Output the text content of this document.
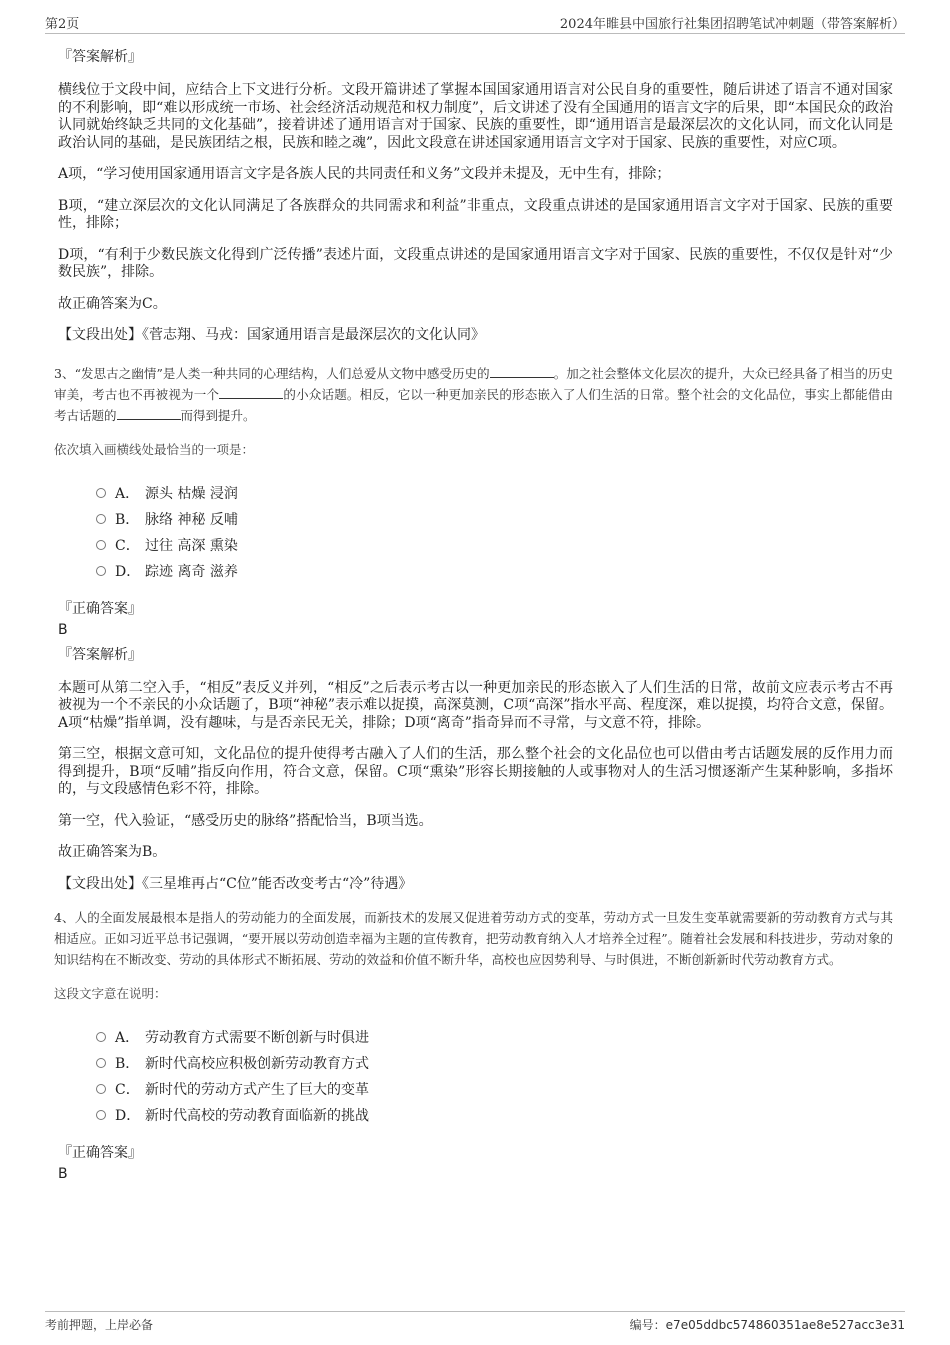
第2页	2024年睢县中国旅行社集团招聘笔试冲刺题（带答案解析）
『答案解析』

横线位于文段中间，应结合上下文进行分析。文段开篇讲述了掌握本国国家通用语言对公民自身的重要性，随后讲述了语言不通对国家的不利影响，即“难以形成统一市场、社会经济活动规范和权力制度”，后文讲述了没有全国通用的语言文字的后果，即“本国民众的政治认同就始终缺乏共同的文化基础”，接着讲述了通用语言对于国家、民族的重要性，即“通用语言是最深层次的文化认同，而文化认同是政治认同的基础，是民族团结之根，民族和睦之魂”，因此文段意在讲述国家通用语言文字对于国家、民族的重要性，对应C项。

A项，“学习使用国家通用语言文字是各族人民的共同责任和义务”文段并未提及，无中生有，排除；

B项，“建立深层次的文化认同满足了各族群众的共同需求和利益”非重点，文段重点讲述的是国家通用语言文字对于国家、民族的重要性，排除；

D项，“有利于少数民族文化得到广泛传播”表述片面，文段重点讲述的是国家通用语言文字对于国家、民族的重要性，不仅仅是针对“少数民族”，排除。

故正确答案为C。

【文段出处】《菅志翔、马戎：国家通用语言是最深层次的文化认同》

3、“发思古之幽情”是人类一种共同的心理结构，人们总爱从文物中感受历史的	。加之社会整体文化层次的提升，大众已经具备了相当的历史审美，考古也不再被视为一个	的小众话题。相反，它以一种更加亲民的形态嵌入了人们生活的日常。整个社会的文化品位，事实上都能借由考古话题的	而得到提升。

依次填入画横线处最恰当的一项是：

A． 源头 枯燥 浸润
B． 脉络 神秘 反哺
C． 过往 高深 熏染
D． 踪迹 离奇 滋养
『正确答案』
B
『答案解析』

本题可从第二空入手，“相反”表反义并列，“相反”之后表示考古以一种更加亲民的形态嵌入了人们生活的日常，故前文应表示考古不再被视为一个不亲民的小众话题了，B项“神秘”表示难以捉摸，高深莫测，C项“高深”指水平高、程度深，难以捉摸，均符合文意，保留。A项“枯燥”指单调，没有趣味，与是否亲民无关，排除；D项“离奇”指奇异而不寻常，与文意不符，排除。

第三空，根据文意可知，文化品位的提升使得考古融入了人们的生活，那么整个社会的文化品位也可以借由考古话题发展的反作用力而得到提升，B项“反哺”指反向作用，符合文意，保留。C项“熏染”形容长期接触的人或事物对人的生活习惯逐渐产生某种影响，多指坏的，与文段感情色彩不符，排除。

第一空，代入验证，“感受历史的脉络”搭配恰当，B项当选。

故正确答案为B。

【文段出处】《三星堆再占“C位”能否改变考古“冷”待遇》

4、人的全面发展最根本是指人的劳动能力的全面发展，而新技术的发展又促进着劳动方式的变革，劳动方式一旦发生变革就需要新的劳动教育方式与其相适应。正如习近平总书记强调，“要开展以劳动创造幸福为主题的宣传教育，把劳动教育纳入人才培养全过程”。随着社会发展和科技进步，劳动对象的知识结构在不断改变、劳动的具体形式不断拓展、劳动的效益和价值不断升华，高校也应因势利导、与时俱进，不断创新新时代劳动教育方式。

这段文字意在说明：

A． 劳动教育方式需要不断创新与时俱进
B． 新时代高校应积极创新劳动教育方式
C． 新时代的劳动方式产生了巨大的变革
D． 新时代高校的劳动教育面临新的挑战
『正确答案』
B
考前押题，上岸必备	编号：e7e05ddbc574860351ae8e527acc3e31
